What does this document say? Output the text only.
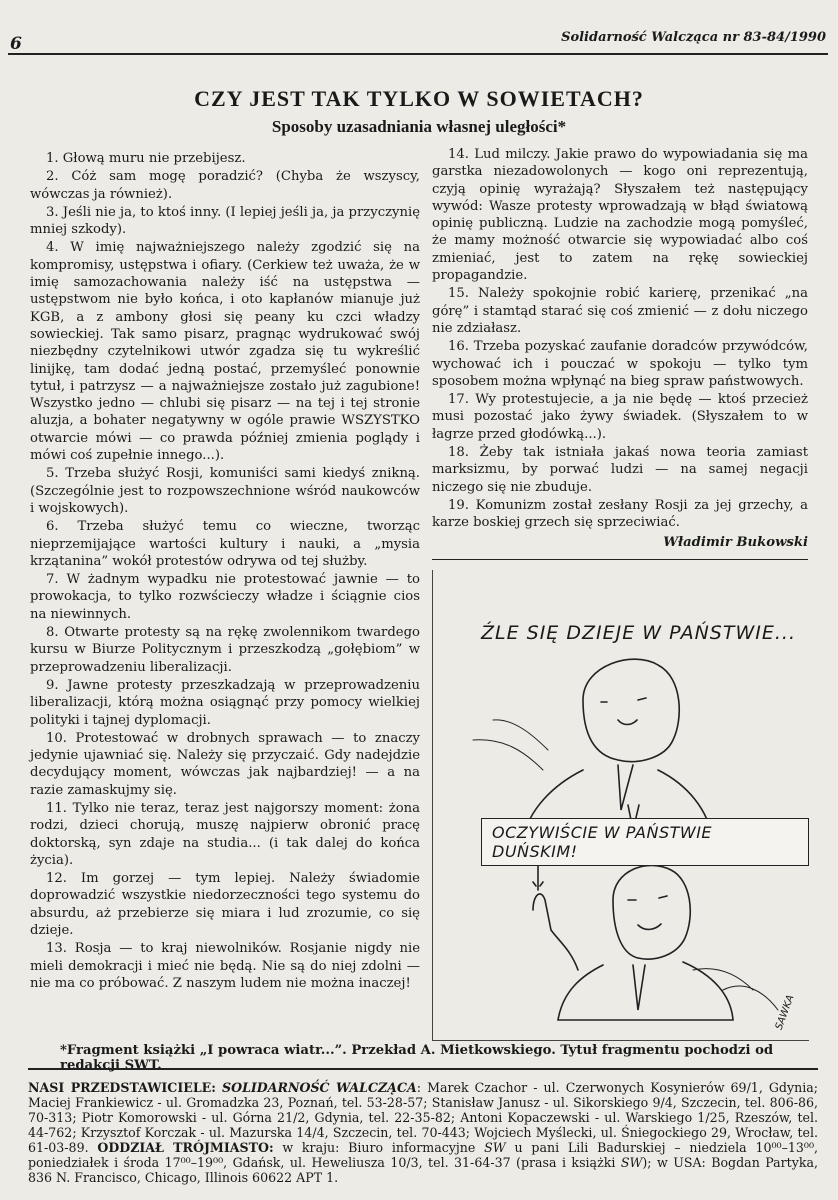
6	Solidarność Walcząca nr 83-84/1990
CZY JEST TAK TYLKO W SOWIETACH?
Sposoby uzasadniania własnej uległości*

1. Głową muru nie przebijesz.

2. Cóż sam mogę poradzić? (Chyba że wszyscy, wówczas ja również).

3. Jeśli nie ja, to ktoś inny. (I lepiej jeśli ja, ja przyczynię mniej szkody).

4. W imię najważniejszego należy zgodzić się na kompromisy, ustępstwa i ofiary. (Cerkiew też uważa, że w imię samozachowania należy iść na ustępstwa — ustępstwom nie było końca, i oto kapłanów mianuje już KGB, a z ambony głosi się peany ku czci władzy sowieckiej. Tak samo pisarz, pragnąc wydrukować swój niezbędny czytelnikowi utwór zgadza się tu wykreślić linijkę, tam dodać jedną postać, przemyśleć ponownie tytuł, i patrzysz — a najważniejsze zostało już zagubione! Wszystko jedno — chlubi się pisarz — na tej i tej stronie aluzja, a bohater negatywny w ogóle prawie WSZYSTKO otwarcie mówi — co prawda później zmienia poglądy i mówi coś zupełnie innego...).

5. Trzeba służyć Rosji, komuniści sami kiedyś znikną. (Szczególnie jest to rozpowszechnione wśród naukowców i wojskowych).

6. Trzeba służyć temu co wieczne, tworząc nieprzemijające wartości kultury i nauki, a „mysia krzątanina” wokół protestów odrywa od tej służby.

7. W żadnym wypadku nie protestować jawnie — to prowokacja, to tylko rozwścieczy władze i ściągnie cios na niewinnych.

8. Otwarte protesty są na rękę zwolennikom twardego kursu w Biurze Politycznym i przeszkodzą „gołębiom” w przeprowadzeniu liberalizacji.

9. Jawne protesty przeszkadzają w przeprowadzeniu liberalizacji, którą można osiągnąć przy pomocy wielkiej polityki i tajnej dyplomacji.

10. Protestować w drobnych sprawach — to znaczy jedynie ujawniać się. Należy się przyczaić. Gdy nadejdzie decydujący moment, wówczas jak najbardziej! — a na razie zamaskujmy się.

11. Tylko nie teraz, teraz jest najgorszy moment: żona rodzi, dzieci chorują, muszę najpierw obronić pracę doktorską, syn zdaje na studia... (i tak dalej do końca życia).

12. Im gorzej — tym lepiej. Należy świadomie doprowadzić wszystkie niedorzeczności tego systemu do absurdu, aż przebierze się miara i lud zrozumie, co się dzieje.

13. Rosja — to kraj niewolników. Rosjanie nigdy nie mieli demokracji i mieć nie będą. Nie są do niej zdolni — nie ma co próbować. Z naszym ludem nie można inaczej!

14. Lud milczy. Jakie prawo do wypowiadania się ma garstka niezadowolonych — kogo oni reprezentują, czyją opinię wyrażają? Słyszałem też następujący wywód: Wasze protesty wprowadzają w błąd światową opinię publiczną. Ludzie na zachodzie mogą pomyśleć, że mamy możność otwarcie się wypowiadać albo coś zmieniać, jest to zatem na rękę sowieckiej propagandzie.

15. Należy spokojnie robić karierę, przenikać „na górę” i stamtąd starać się coś zmienić — z dołu niczego nie zdziałasz.

16. Trzeba pozyskać zaufanie doradców przywódców, wychować ich i pouczać w spokoju — tylko tym sposobem można wpłynąć na bieg spraw państwowych.

17. Wy protestujecie, a ja nie będę — ktoś przecież musi pozostać jako żywy świadek. (Słyszałem to w łagrze przed głodówką...).

18. Żeby tak istniała jakaś nowa teoria zamiast marksizmu, by porwać ludzi — na samej negacji niczego się nie zbuduje.

19. Komunizm został zesłany Rosji za jej grzechy, a karze boskiej grzech się sprzeciwiać.

Władimir Bukowski
ŹLE SIĘ DZIEJE W PAŃSTWIE...
OCZYWIŚCIE W PAŃSTWIE DUŃSKIM!
SAWKA
*Fragment książki „I powraca wiatr...”. Przekład A. Mietkowskiego. Tytuł fragmentu pochodzi od redakcji SWT.
NASI PRZEDSTAWICIELE: SOLIDARNOŚĆ WALCZĄCA: Marek Czachor - ul. Czerwonych Kosynierów 69/1, Gdynia; Maciej Frankiewicz - ul. Gromadzka 23, Poznań, tel. 53-28-57; Stanisław Janusz - ul. Sikorskiego 9/4, Szczecin, tel. 806-86, 70-313; Piotr Komorowski - ul. Górna 21/2, Gdynia, tel. 22-35-82; Antoni Kopaczewski - ul. Warskiego 1/25, Rzeszów, tel. 44-762; Krzysztof Korczak - ul. Mazurska 14/4, Szczecin, tel. 70-443; Wojciech Myślecki, ul. Śniegockiego 29, Wrocław, tel. 61-03-89. ODDZIAŁ TRÓJMIASTO: w kraju: Biuro informacyjne SW u pani Lili Badurskiej – niedziela 10⁰⁰–13⁰⁰, poniedziałek i środa 17⁰⁰–19⁰⁰, Gdańsk, ul. Heweliusza 10/3, tel. 31-64-37 (prasa i książki SW); w USA: Bogdan Partyka, 836 N. Francisco, Chicago, Illinois 60622 APT 1.
